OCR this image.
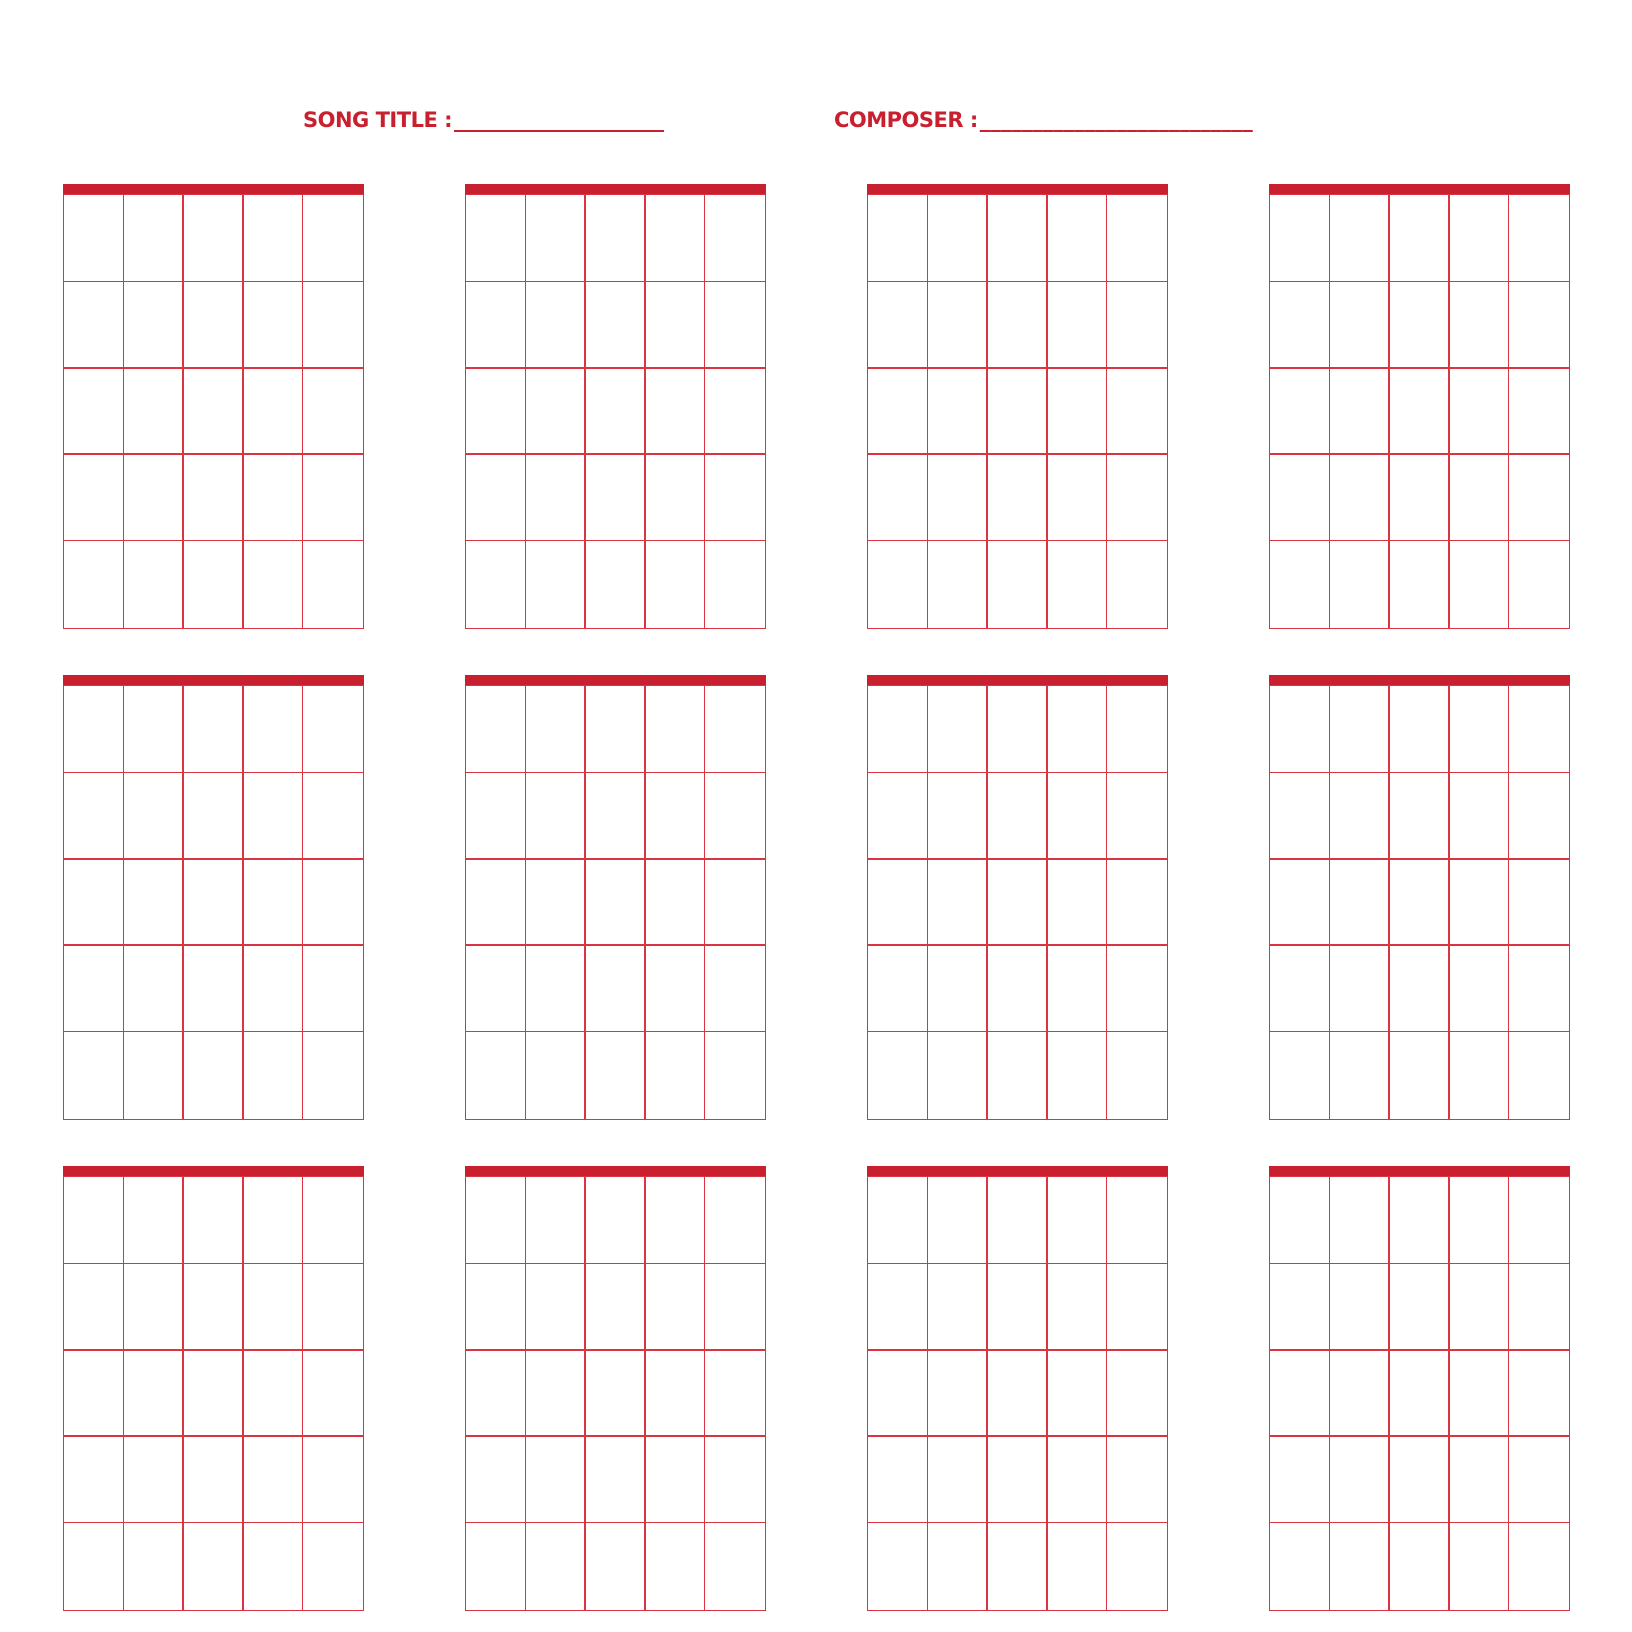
SONG TITLE :____________________	COMPOSER :__________________________
